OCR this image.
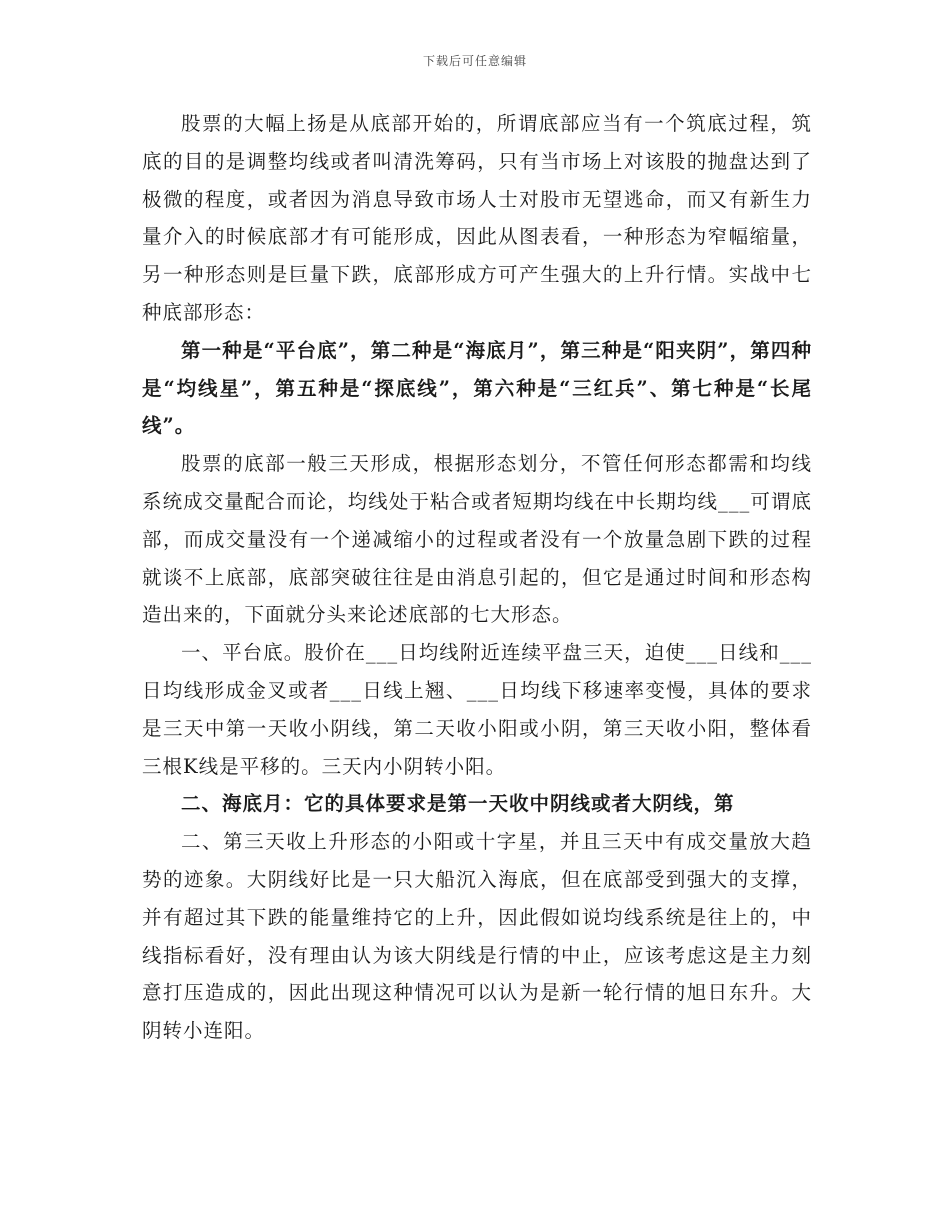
下载后可任意编辑

股票的大幅上扬是从底部开始的，所谓底部应当有一个筑底过程，筑底的目的是调整均线或者叫清洗筹码，只有当市场上对该股的抛盘达到了极微的程度，或者因为消息导致市场人士对股市无望逃命，而又有新生力量介入的时候底部才有可能形成，因此从图表看，一种形态为窄幅缩量，另一种形态则是巨量下跌，底部形成方可产生强大的上升行情。实战中七种底部形态：

第一种是“平台底”，第二种是“海底月”，第三种是“阳夹阴”，第四种是“均线星”，第五种是“探底线”，第六种是“三红兵”、第七种是“长尾线”。

股票的底部一般三天形成，根据形态划分，不管任何形态都需和均线系统成交量配合而论，均线处于粘合或者短期均线在中长期均线___可谓底部，而成交量没有一个递减缩小的过程或者没有一个放量急剧下跌的过程就谈不上底部，底部突破往往是由消息引起的，但它是通过时间和形态构造出来的，下面就分头来论述底部的七大形态。

一、平台底。股价在___日均线附近连续平盘三天，迫使___日线和___日均线形成金叉或者___日线上翘、___日均线下移速率变慢，具体的要求是三天中第一天收小阴线，第二天收小阳或小阴，第三天收小阳，整体看三根K线是平移的。三天内小阴转小阳。

二、海底月：它的具体要求是第一天收中阴线或者大阴线，第

二、第三天收上升形态的小阳或十字星，并且三天中有成交量放大趋势的迹象。大阴线好比是一只大船沉入海底，但在底部受到强大的支撑，并有超过其下跌的能量维持它的上升，因此假如说均线系统是往上的，中线指标看好，没有理由认为该大阴线是行情的中止，应该考虑这是主力刻意打压造成的，因此出现这种情况可以认为是新一轮行情的旭日东升。大阴转小连阳。
